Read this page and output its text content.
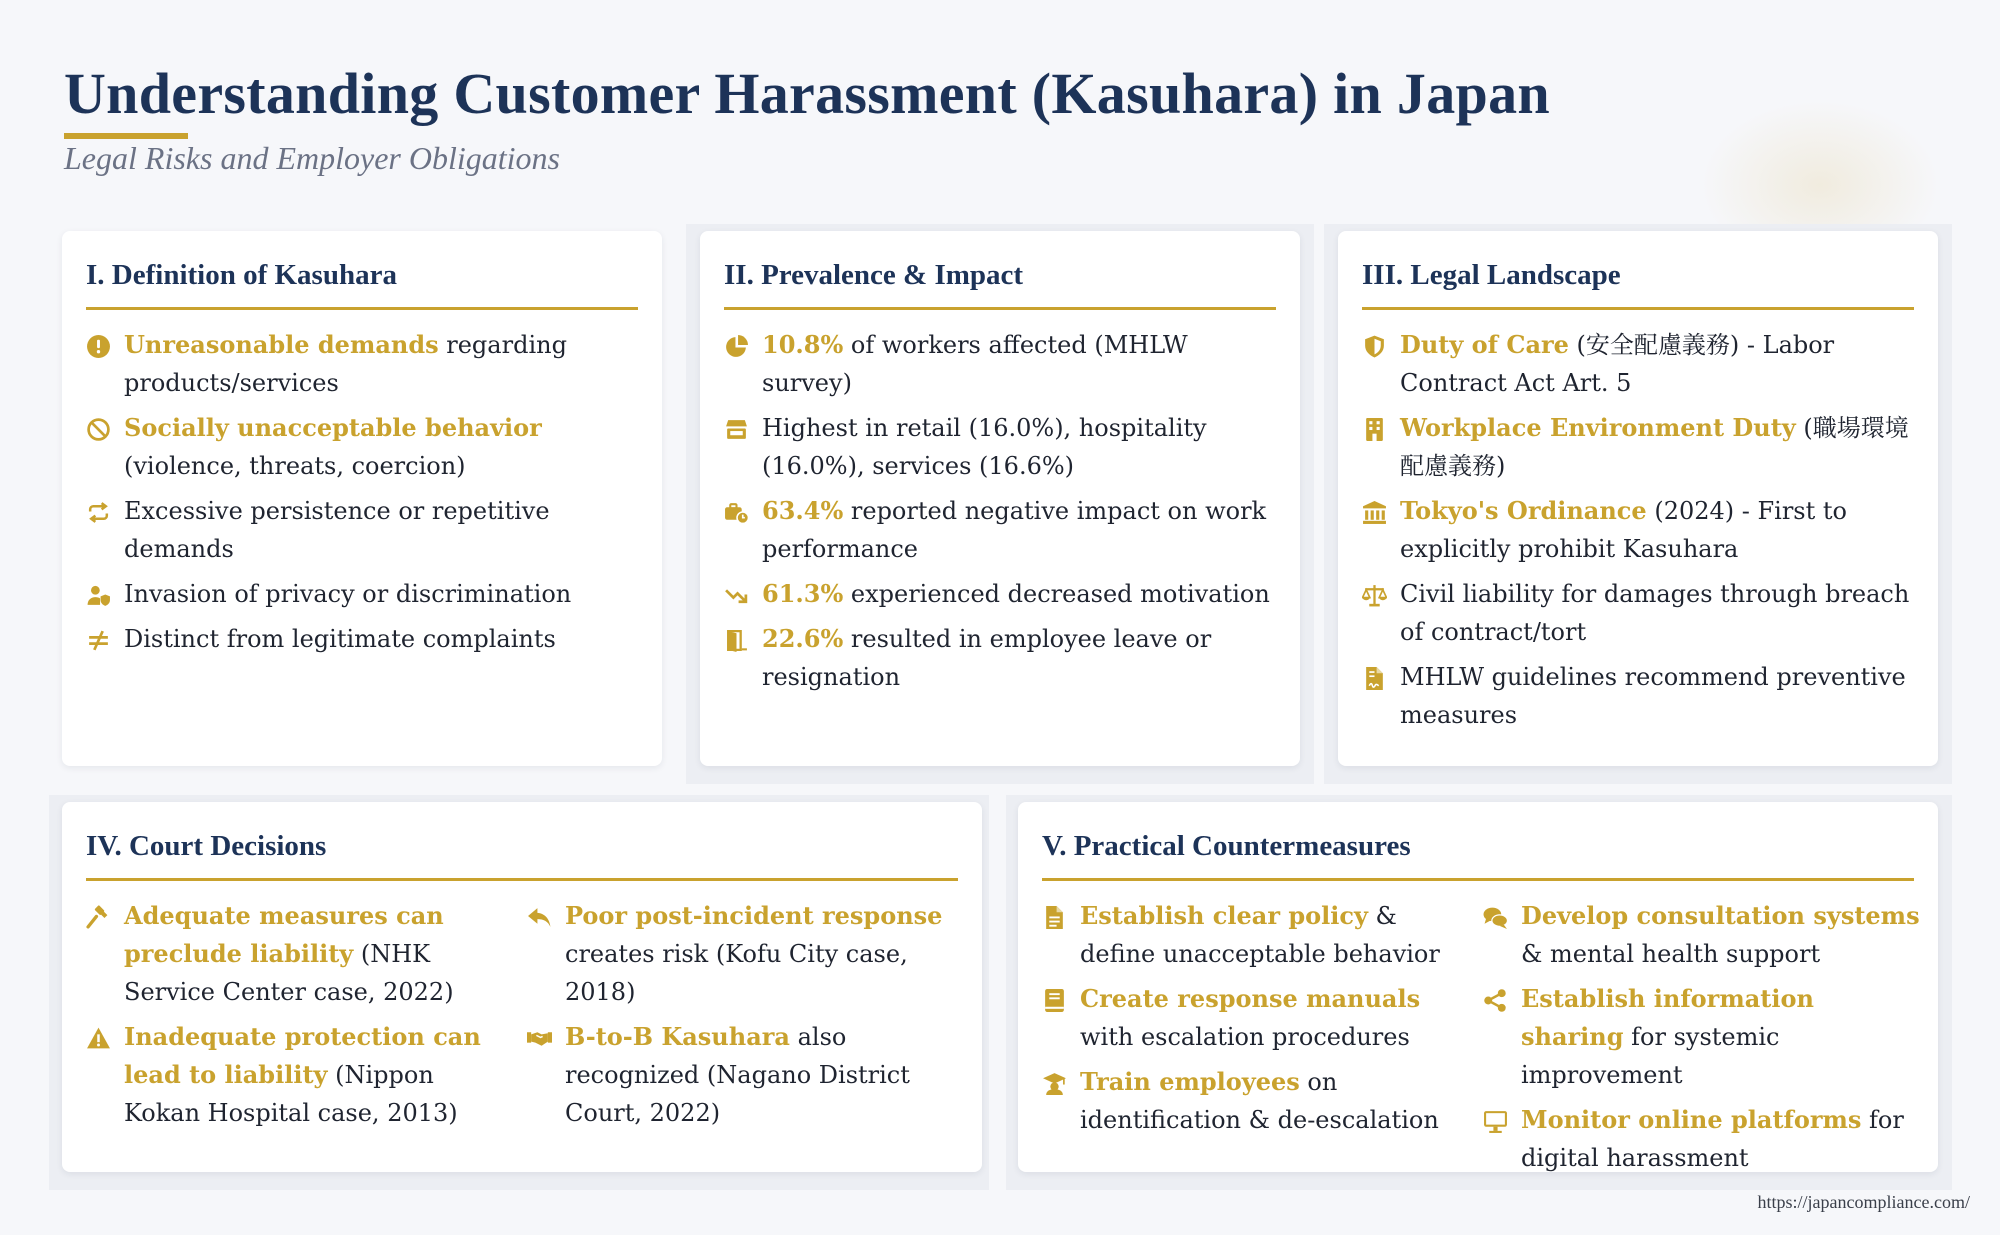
Understanding Customer Harassment (Kasuhara) in Japan
Legal Risks and Employer Obligations
I. Definition of Kasuhara
Unreasonable demands regarding products/services
Socially unacceptable behavior (violence, threats, coercion)
Excessive persistence or repetitive demands
Invasion of privacy or discrimination
Distinct from legitimate complaints
II. Prevalence & Impact
10.8% of workers affected (MHLW survey)
Highest in retail (16.0%), hospitality (16.0%), services (16.6%)
63.4% reported negative impact on work performance
61.3% experienced decreased motivation
22.6% resulted in employee leave or resignation
III. Legal Landscape
Duty of Care (安全配慮義務) - Labor Contract Act Art. 5
Workplace Environment Duty (職場環境配慮義務)
Tokyo's Ordinance (2024) - First to explicitly prohibit Kasuhara
Civil liability for damages through breach of contract/tort
MHLW guidelines recommend preventive measures
IV. Court Decisions
Adequate measures can preclude liability (NHK Service Center case, 2022)
Inadequate protection can lead to liability (Nippon Kokan Hospital case, 2013)
Poor post-incident response creates risk (Kofu City case, 2018)
B-to-B Kasuhara also recognized (Nagano District Court, 2022)
V. Practical Countermeasures
Establish clear policy & define unacceptable behavior
Create response manuals with escalation procedures
Train employees on identification & de-escalation
Develop consultation systems & mental health support
Establish information sharing for systemic improvement
Monitor online platforms for digital harassment
https://japancompliance.com/
